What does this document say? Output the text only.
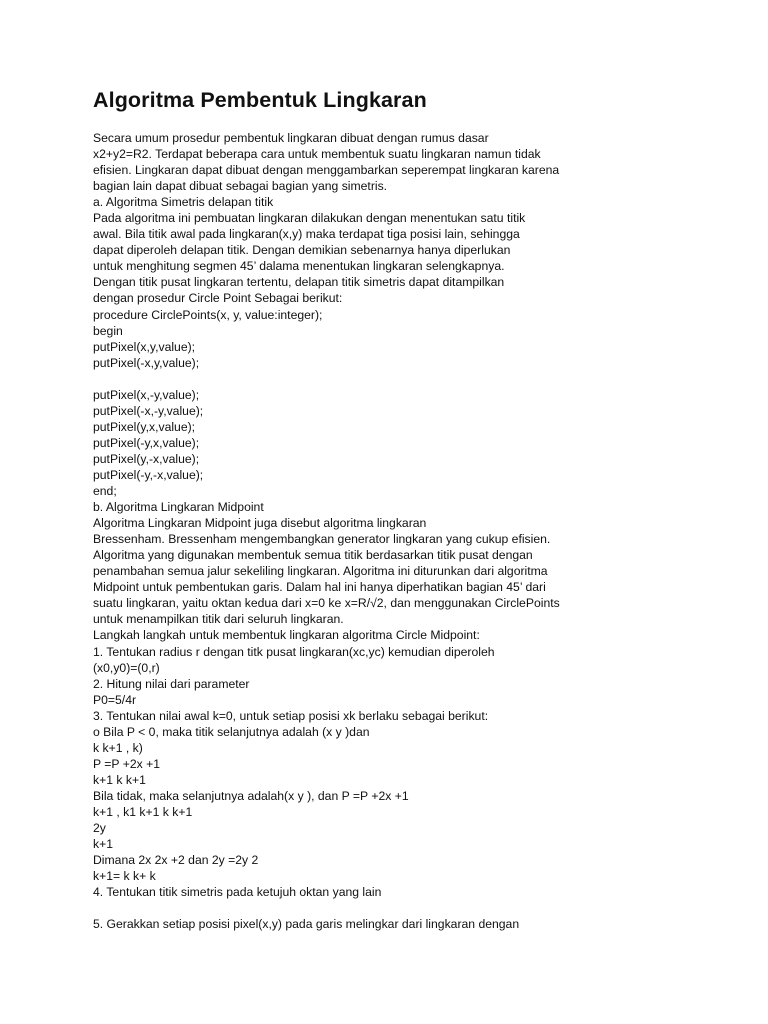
Algoritma Pembentuk Lingkaran
Secara umum prosedur pembentuk lingkaran dibuat dengan rumus dasar
x2+y2=R2. Terdapat beberapa cara untuk membentuk suatu lingkaran namun tidak
efisien. Lingkaran dapat dibuat dengan menggambarkan seperempat lingkaran karena
bagian lain dapat dibuat sebagai bagian yang simetris.
a. Algoritma Simetris delapan titik
Pada algoritma ini pembuatan lingkaran dilakukan dengan menentukan satu titik
awal. Bila titik awal pada lingkaran(x,y) maka terdapat tiga posisi lain, sehingga
dapat diperoleh delapan titik. Dengan demikian sebenarnya hanya diperlukan
untuk menghitung segmen 45’ dalama menentukan lingkaran selengkapnya.
Dengan titik pusat lingkaran tertentu, delapan titik simetris dapat ditampilkan
dengan prosedur Circle Point Sebagai berikut:
procedure CirclePoints(x, y, value:integer);
begin
putPixel(x,y,value);
putPixel(-x,y,value);
putPixel(x,-y,value);
putPixel(-x,-y,value);
putPixel(y,x,value);
putPixel(-y,x,value);
putPixel(y,-x,value);
putPixel(-y,-x,value);
end;
b. Algoritma Lingkaran Midpoint
Algoritma Lingkaran Midpoint juga disebut algoritma lingkaran
Bressenham. Bressenham mengembangkan generator lingkaran yang cukup efisien.
Algoritma yang digunakan membentuk semua titik berdasarkan titik pusat dengan
penambahan semua jalur sekeliling lingkaran. Algoritma ini diturunkan dari algoritma
Midpoint untuk pembentukan garis. Dalam hal ini hanya diperhatikan bagian 45’ dari
suatu lingkaran, yaitu oktan kedua dari x=0 ke x=R/√2, dan menggunakan CirclePoints
untuk menampilkan titik dari seluruh lingkaran.
Langkah langkah untuk membentuk lingkaran algoritma Circle Midpoint:
1. Tentukan radius r dengan titk pusat lingkaran(xc,yc) kemudian diperoleh
(x0,y0)=(0,r)
2. Hitung nilai dari parameter
P0=5/4r
3. Tentukan nilai awal k=0, untuk setiap posisi xk berlaku sebagai berikut:
o Bila P < 0, maka titik selanjutnya adalah (x y )dan
k k+1 , k)
P =P +2x +1
k+1 k k+1
Bila tidak, maka selanjutnya adalah(x y ), dan P =P +2x +1
k+1 , k1 k+1 k k+1
2y
k+1
Dimana 2x 2x +2 dan 2y =2y 2
k+1= k k+ k
4. Tentukan titik simetris pada ketujuh oktan yang lain
5. Gerakkan setiap posisi pixel(x,y) pada garis melingkar dari lingkaran dengan
